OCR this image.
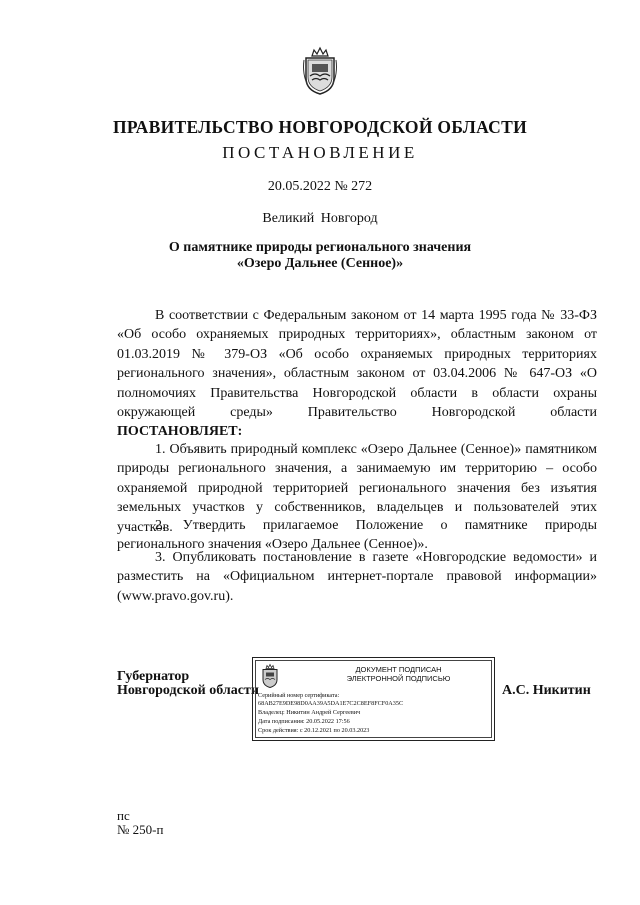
ПРАВИТЕЛЬСТВО НОВГОРОДСКОЙ ОБЛАСТИ
ПОСТАНОВЛЕНИЕ
20.05.2022 № 272
Великий Новгород
О памятнике природы регионального значения
«Озеро Дальнее (Сенное)»
В соответствии с Федеральным законом от 14 марта 1995 года № 33-ФЗ «Об особо охраняемых природных территориях», областным законом от 01.03.2019 № 379-ОЗ «Об особо охраняемых природных территориях регионального значения», областным законом от 03.04.2006 № 647-ОЗ «О полномочиях Правительства Новгородской области в области охраны окружающей среды» Правительство Новгородской области ПОСТАНОВЛЯЕТ:
1. Объявить природный комплекс «Озеро Дальнее (Сенное)» памятником природы регионального значения, а занимаемую им территорию – особо охраняемой природной территорией регионального значения без изъятия земельных участков у собственников, владельцев и пользователей этих участков.
2. Утвердить прилагаемое Положение о памятнике природы регионального значения «Озеро Дальнее (Сенное)».
3. Опубликовать постановление в газете «Новгородские ведомости» и разместить на «Официальном интернет-портале правовой информации» (www.pravo.gov.ru).
Губернатор
Новгородской области
ДОКУМЕНТ ПОДПИСАН
ЭЛЕКТРОННОЙ ПОДПИСЬЮ
Серийный номер сертификата:
68AB27E9DE98D0AA39A5DA1E7C2C8EF8FCF0A35C
Владелец: Никитин Андрей Сергеевич
Дата подписания: 20.05.2022 17:56
Срок действия: с 20.12.2021 по 20.03.2023
А.С. Никитин
пс
№ 250-п
